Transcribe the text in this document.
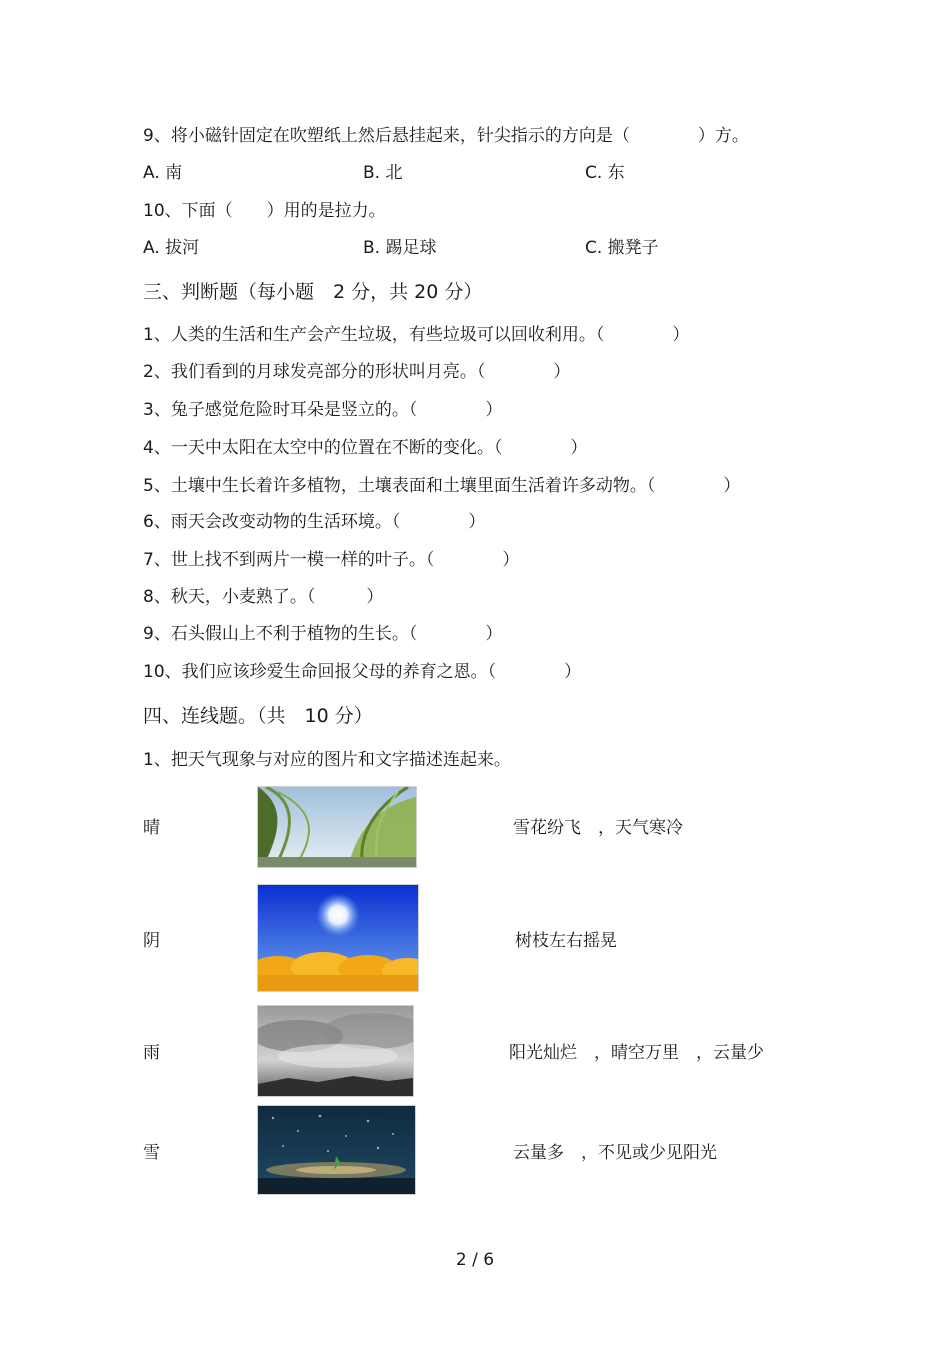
9、将小磁针固定在吹塑纸上然后悬挂起来，针尖指示的方向是（　　　　）方。
A. 南	B. 北	C. 东
10、下面（　　）用的是拉力。
A. 拔河	B. 踢足球	C. 搬凳子
三、判断题（每小题　2 分，共 20 分）
1、人类的生活和生产会产生垃圾，有些垃圾可以回收利用。（　　　　）
2、我们看到的月球发亮部分的形状叫月亮。（　　　　）
3、兔子感觉危险时耳朵是竖立的。（　　　　）
4、一天中太阳在太空中的位置在不断的变化。（　　　　）
5、土壤中生长着许多植物，土壤表面和土壤里面生活着许多动物。（　　　　）
6、雨天会改变动物的生活环境。（　　　　）
7、世上找不到两片一模一样的叶子。（　　　　）
8、秋天，小麦熟了。（　　　）
9、石头假山上不利于植物的生长。（　　　　）
10、我们应该珍爱生命回报父母的养育之恩。（　　　　）
四、连线题。（共　10 分）
1、把天气现象与对应的图片和文字描述连起来。
晴	雪花纷飞　，天气寒冷
阴	树枝左右摇晃
雨	阳光灿烂　，晴空万里　，云量少
雪	云量多　，不见或少见阳光
2 / 6
